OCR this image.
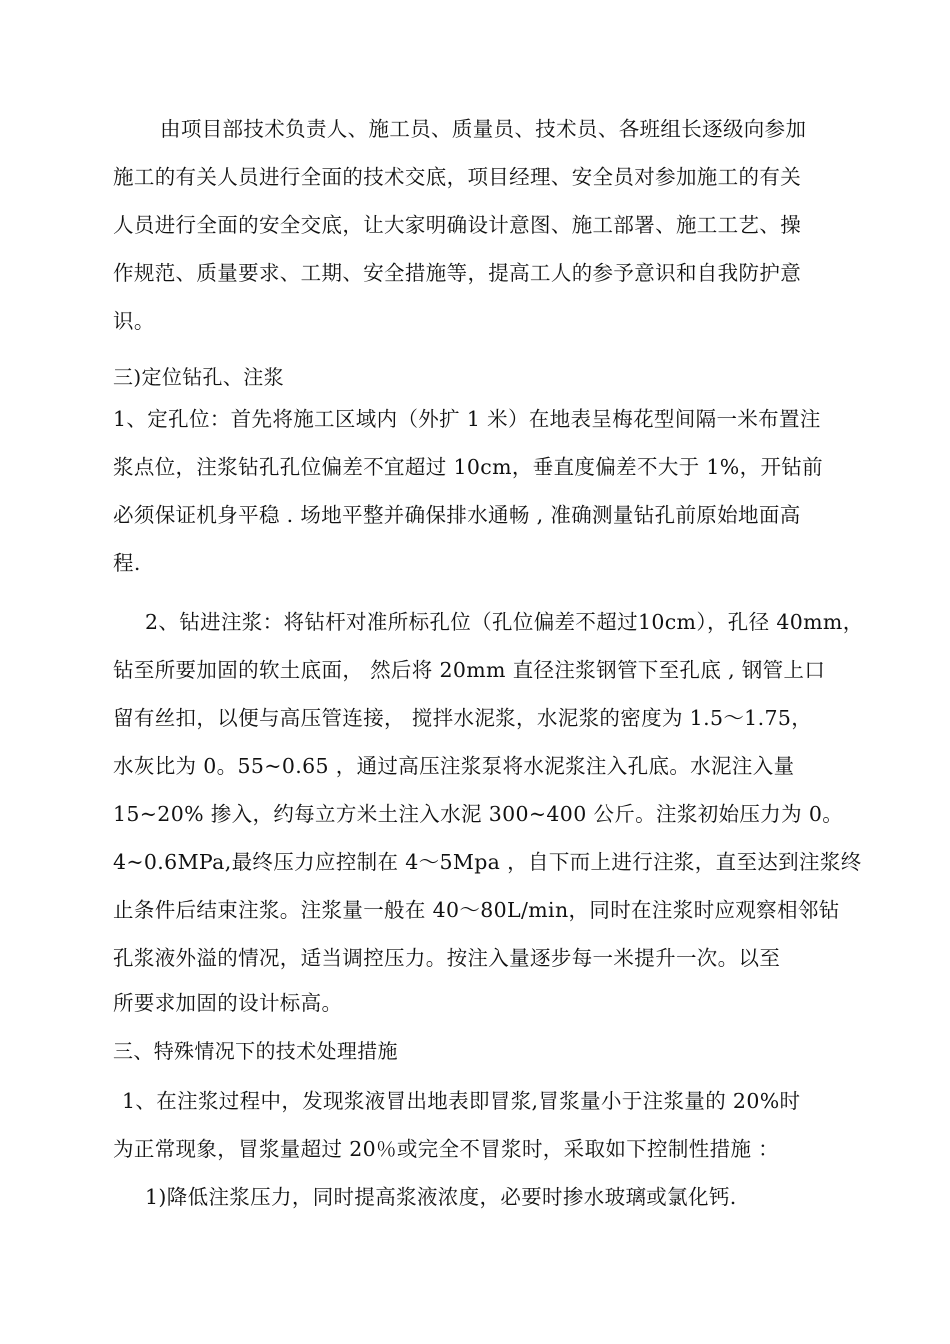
由项目部技术负责人、施工员、质量员、技术员、各班组长逐级向参加
施工的有关人员进行全面的技术交底，项目经理、安全员对参加施工的有关
人员进行全面的安全交底，让大家明确设计意图、施工部署、施工工艺、操
作规范、质量要求、工期、安全措施等，提高工人的参予意识和自我防护意
识。
三)定位钻孔、注浆
1、定孔位：首先将施工区域内（外扩 1 米）在地表呈梅花型间隔一米布置注
浆点位，注浆钻孔孔位偏差不宜超过 10cm，垂直度偏差不大于 1%，开钻前
必须保证机身平稳 . 场地平整并确保排水通畅 , 准确测量钻孔前原始地面高
程.
2、钻进注浆：将钻杆对准所标孔位（孔位偏差不超过10cm），孔径 40mm，
钻至所要加固的软土底面， 然后将 20mm 直径注浆钢管下至孔底 , 钢管上口
留有丝扣，以便与高压管连接， 搅拌水泥浆，水泥浆的密度为 1.5～1.75，
水灰比为 0。55~0.65 ，通过高压注浆泵将水泥浆注入孔底。水泥注入量
15~20% 掺入，约每立方米土注入水泥 300~400 公斤。注浆初始压力为 0。
4~0.6MPa,最终压力应控制在 4～5Mpa ，自下而上进行注浆，直至达到注浆终
止条件后结束注浆。注浆量一般在 40～80L/min，同时在注浆时应观察相邻钻
孔浆液外溢的情况，适当调控压力。按注入量逐步每一米提升一次。以至
所要求加固的设计标高。
三、特殊情况下的技术处理措施
1、在注浆过程中，发现浆液冒出地表即冒浆,冒浆量小于注浆量的 20%时
为正常现象，冒浆量超过 20％或完全不冒浆时，采取如下控制性措施 ：
1)降低注浆压力，同时提高浆液浓度，必要时掺水玻璃或氯化钙.
